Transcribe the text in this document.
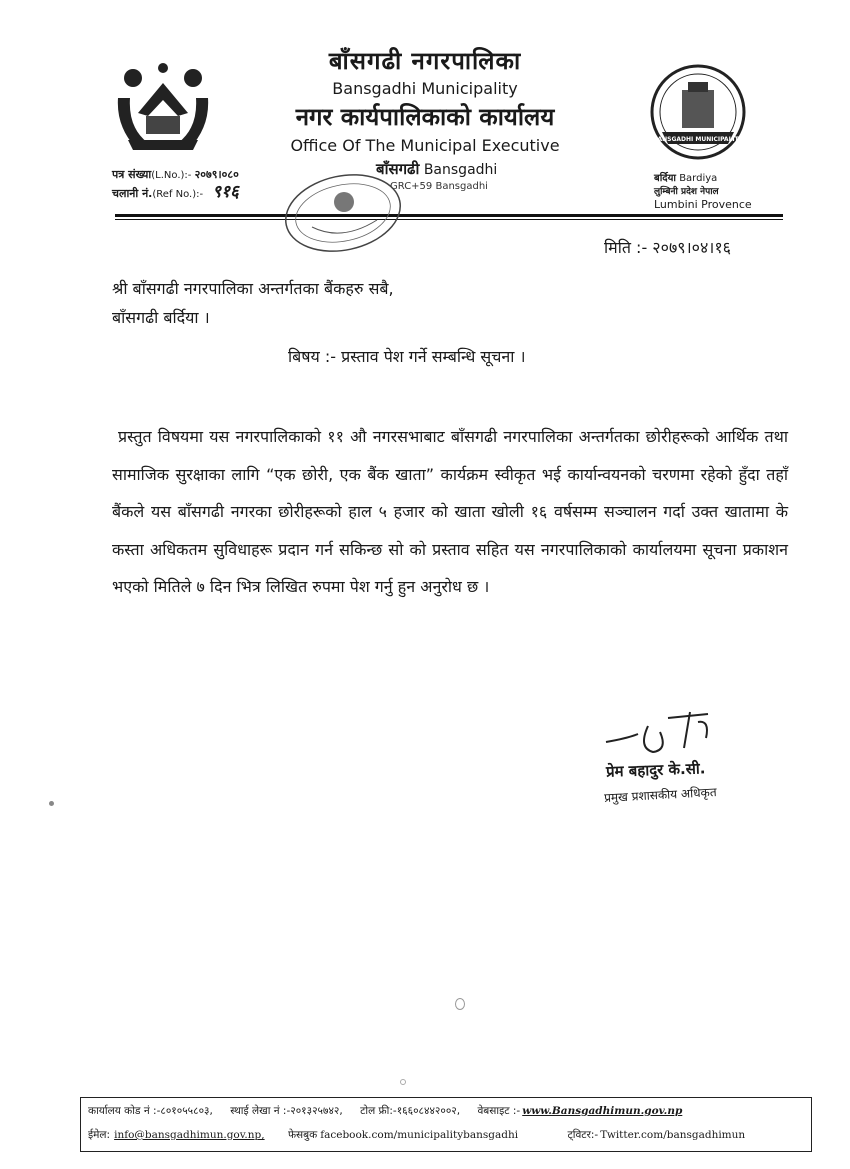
बाँसगढी नगरपालिका
Bansgadhi Municipality
नगर कार्यपालिकाको कार्यालय
Office Of The Municipal Executive
बाँसगढी Bansgadhi
GRC+59 Bansgadhi
पत्र संख्या(L.No.):- २०७९।०८०
चलानी नं.(Ref No.):- ९१६
BANSGADHI MUNICIPALITY
बर्दिया Bardiya
लुम्बिनी प्रदेश नेपाल
Lumbini Provence
मिति :- २०७९।०४।१६
श्री बाँसगढी नगरपालिका अन्तर्गतका बैंकहरु सबै,
बाँसगढी बर्दिया ।
बिषय :- प्रस्ताव पेश गर्ने सम्बन्धि सूचना ।
प्रस्तुत विषयमा यस नगरपालिकाको ११ औ नगरसभाबाट बाँसगढी नगरपालिका अन्तर्गतका छोरीहरूको आर्थिक तथा सामाजिक सुरक्षाका लागि “एक छोरी, एक बैंक खाता” कार्यक्रम स्वीकृत भई कार्यान्वयनको चरणमा रहेको हुँदा तहाँ बैंकले यस बाँसगढी नगरका छोरीहरूको हाल ५ हजार को खाता खोली १६ वर्षसम्म सञ्चालन गर्दा उक्त खातामा के कस्ता अधिकतम सुविधाहरू प्रदान गर्न सकिन्छ सो को प्रस्ताव सहित यस नगरपालिकाको कार्यालयमा सूचना प्रकाशन भएको मितिले ७ दिन भित्र लिखित रुपमा पेश गर्नु हुन अनुरोध छ ।
प्रेम बहादुर के.सी.
प्रमुख प्रशासकीय अधिकृत
कार्यालय कोड नं :-८०१०५५८०३, स्थाई लेखा नं :-२०१३२५७४२, टोल फ्री:-१६६०८४४२००२, वेबसाइट :- www.Bansgadhimun.gov.np
ईमेल: info@bansgadhimun.gov.np, फेसबुक facebook.com/municipalitybansgadhi	ट्विटर:- Twitter.com/bansgadhimun
